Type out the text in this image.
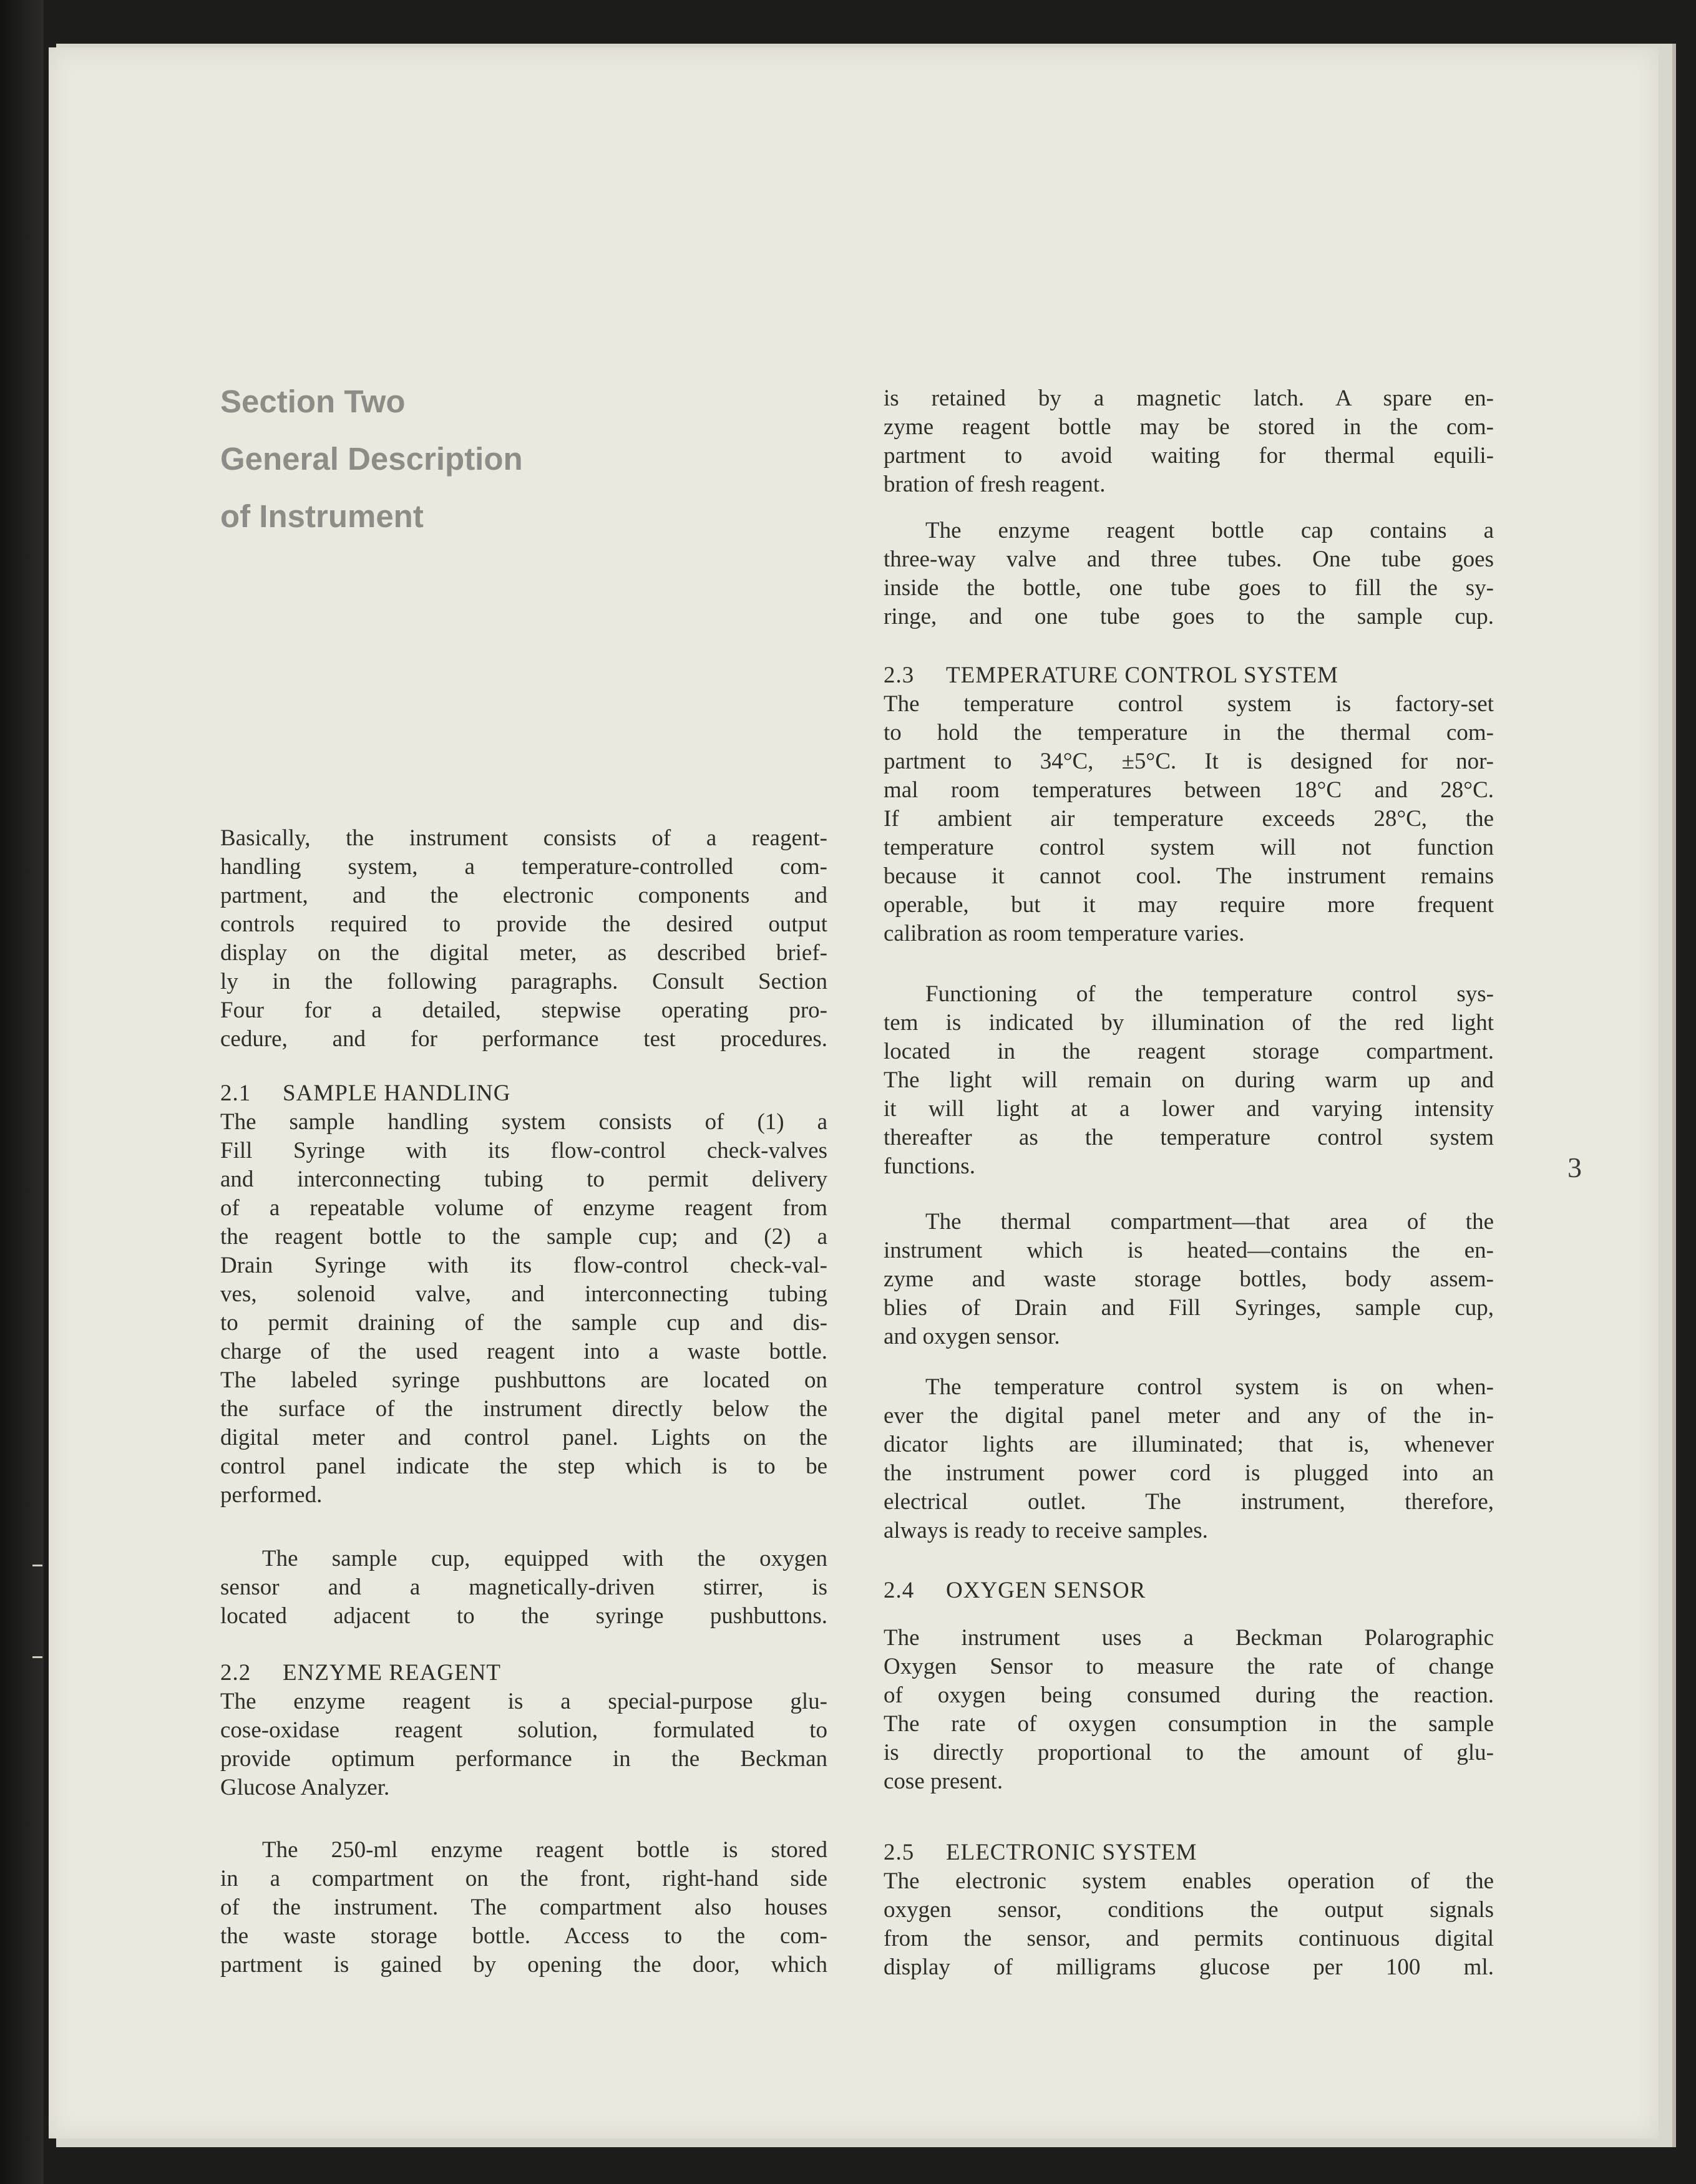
Section Two
General Description
of Instrument
Basically, the instrument consists of a reagent-
handling system, a temperature-controlled com-
partment, and the electronic components and
controls required to provide the desired output
display on the digital meter, as described brief-
ly in the following paragraphs. Consult Section
Four for a detailed, stepwise operating pro-
cedure, and for performance test procedures.
2.1 SAMPLE HANDLING
The sample handling system consists of (1) a
Fill Syringe with its flow-control check-valves
and interconnecting tubing to permit delivery
of a repeatable volume of enzyme reagent from
the reagent bottle to the sample cup; and (2) a
Drain Syringe with its flow-control check-val-
ves, solenoid valve, and interconnecting tubing
to permit draining of the sample cup and dis-
charge of the used reagent into a waste bottle.
The labeled syringe pushbuttons are located on
the surface of the instrument directly below the
digital meter and control panel. Lights on the
control panel indicate the step which is to be
performed.
The sample cup, equipped with the oxygen
sensor and a magnetically-driven stirrer, is
located adjacent to the syringe pushbuttons.
2.2 ENZYME REAGENT
The enzyme reagent is a special-purpose glu-
cose-oxidase reagent solution, formulated to
provide optimum performance in the Beckman
Glucose Analyzer.
The 250-ml enzyme reagent bottle is stored
in a compartment on the front, right-hand side
of the instrument. The compartment also houses
the waste storage bottle. Access to the com-
partment is gained by opening the door, which
is retained by a magnetic latch. A spare en-
zyme reagent bottle may be stored in the com-
partment to avoid waiting for thermal equili-
bration of fresh reagent.
The enzyme reagent bottle cap contains a
three-way valve and three tubes. One tube goes
inside the bottle, one tube goes to fill the sy-
ringe, and one tube goes to the sample cup.
2.3 TEMPERATURE CONTROL SYSTEM
The temperature control system is factory-set
to hold the temperature in the thermal com-
partment to 34°C, ±5°C. It is designed for nor-
mal room temperatures between 18°C and 28°C.
If ambient air temperature exceeds 28°C, the
temperature control system will not function
because it cannot cool. The instrument remains
operable, but it may require more frequent
calibration as room temperature varies.
Functioning of the temperature control sys-
tem is indicated by illumination of the red light
located in the reagent storage compartment.
The light will remain on during warm up and
it will light at a lower and varying intensity
thereafter as the temperature control system
functions.
The thermal compartment—that area of the
instrument which is heated—contains the en-
zyme and waste storage bottles, body assem-
blies of Drain and Fill Syringes, sample cup,
and oxygen sensor.
The temperature control system is on when-
ever the digital panel meter and any of the in-
dicator lights are illuminated; that is, whenever
the instrument power cord is plugged into an
electrical outlet. The instrument, therefore,
always is ready to receive samples.
2.4 OXYGEN SENSOR
The instrument uses a Beckman Polarographic
Oxygen Sensor to measure the rate of change
of oxygen being consumed during the reaction.
The rate of oxygen consumption in the sample
is directly proportional to the amount of glu-
cose present.
2.5 ELECTRONIC SYSTEM
The electronic system enables operation of the
oxygen sensor, conditions the output signals
from the sensor, and permits continuous digital
display of milligrams glucose per 100 ml.
3
